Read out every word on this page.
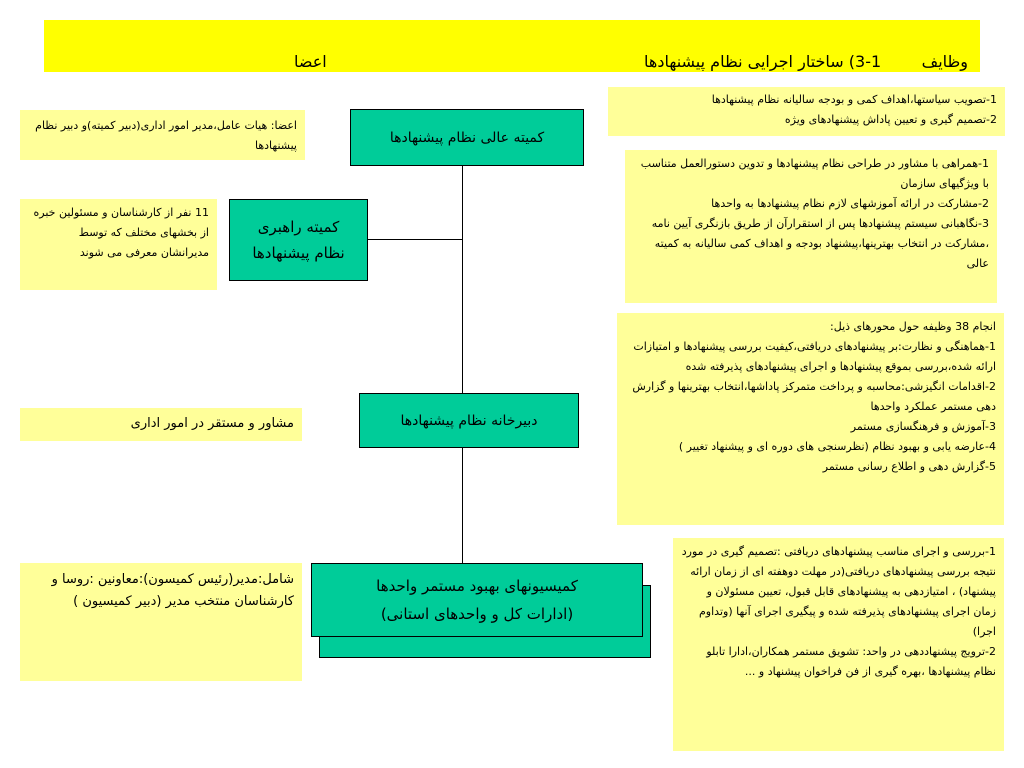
وظایف
3-1) ساختار اجرایی نظام پیشنهادها
اعضا
اعضا: هیات عامل،مدیر امور اداری(دبیر کمیته)و دبیر نظام پیشنهادها
11 نفر از کارشناسان و مسئولین خبره از بخشهای مختلف که توسط مدیرانشان معرفی می شوند
مشاور و مستقر در امور اداری
شامل:مدیر(رئیس کمیسون):معاونین :روسا و کارشناسان منتخب مدیر (دبیر کمیسیون )
کمیته عالی نظام پیشنهادها
کمیته راهبری
نظام پیشنهادها
دبیرخانه نظام پیشنهادها
کمیسیونهای بهبود مستمر واحدها
(ادارات کل و واحدهای استانی)
1-تصویب سیاستها،اهداف کمی و بودجه سالیانه نظام پیشنهادها
2-تصمیم گیری و تعیین پاداش پیشنهادهای ویژه
1-همراهی با مشاور در طراحی نظام پیشنهادها و تدوین دستورالعمل متناسب با ویژگیهای سازمان
2-مشارکت در ارائه آموزشهای لازم نظام پیشنهادها به واحدها
3-نگاهبانی سیستم پیشنهادها پس از استقرارآن از طریق بازنگری آیین نامه ،مشارکت در انتخاب بهترینها،پیشنهاد بودجه و اهداف کمی سالیانه به کمیته عالی
انجام 38 وظیفه حول محورهای ذیل:
1-هماهنگی و نظارت:بر پیشنهادهای دریافتی،کیفیت بررسی پیشنهادها و امتیازات ارائه شده،بررسی بموقع پیشنهادها و اجرای پیشنهادهای پذیرفته شده
2-اقدامات انگیزشی:محاسبه و پرداخت متمرکز پاداشها،انتخاب بهترینها و گزارش دهی مستمر عملکرد واحدها
3-آموزش و فرهنگسازی مستمر
4-عارضه یابی و بهبود نظام (نظرسنجی های دوره ای و پیشنهاد تغییر )
5-گزارش دهی و اطلاع رسانی مستمر
1-بررسی و اجرای مناسب پیشنهادهای دریافتی :تصمیم گیری در مورد نتیجه بررسی پیشنهادهای دریافتی(در مهلت دوهفته ای از زمان ارائه پیشنهاد) ، امتیازدهی به پیشنهادهای قابل قبول، تعیین مسئولان و زمان اجرای پیشنهادهای پذیرفته شده و پیگیری اجرای آنها (وتداوم اجرا)
2-ترویج پیشنهاددهی در واحد: تشویق مستمر همکاران،ادارا تابلو نظام پیشنهادها ،بهره گیری از فن فراخوان پیشنهاد و ...
